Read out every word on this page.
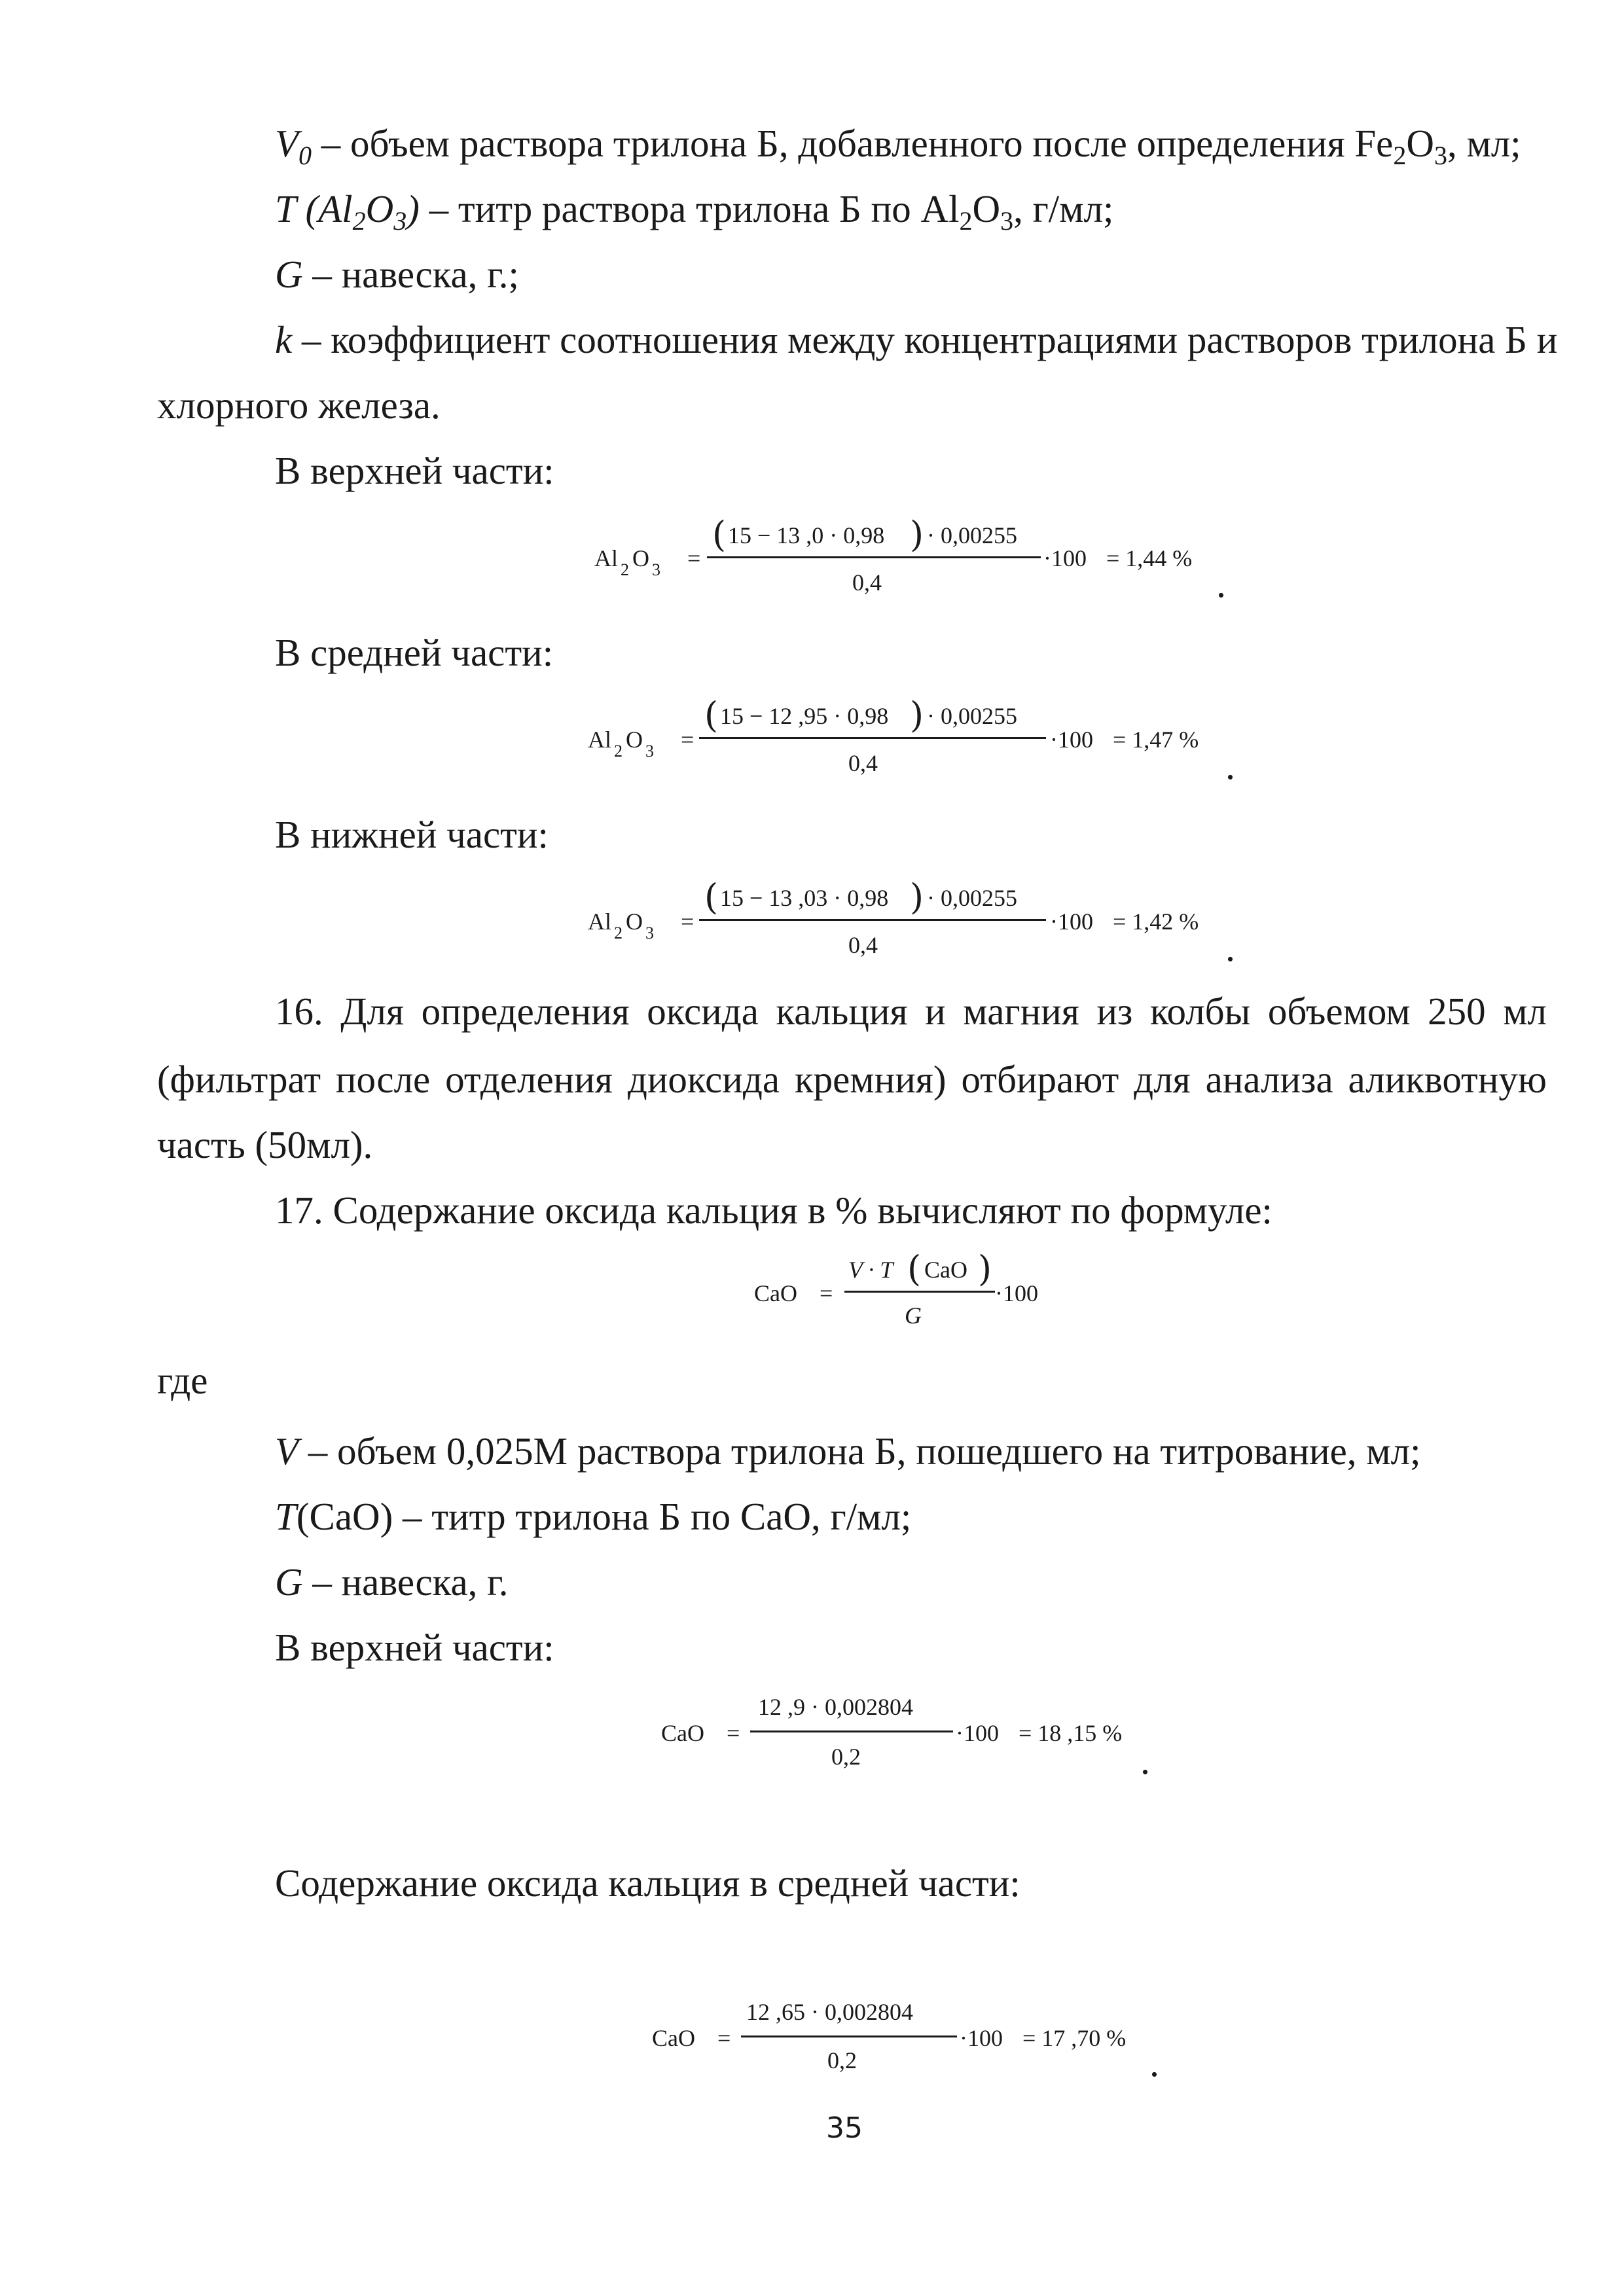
$V_0$ – объем раствора трилона Б, добавленного после определения $Fe_2O_3$, мл;
T $(Al_2O_3)$ – титр раствора трилона Б по $Al_2O_3$, г/мл;
G – навеска, г.;
k – коэффициент соотношения между концентрациями растворов трилона Б и
хлорного железа.
В верхней части:
Al $_2$ O $_3$ =
( 15 − 13 ,0 · 0,98 ) · 0,00255
0,4
·100 = 1,44 %
.
В средней части:
Al $_2$ O $_3$ =
( 15 − 12 ,95 · 0,98 ) · 0,00255
0,4
·100 = 1,47 %
.
В нижней части:
Al $_2$ O $_3$ =
( 15 − 13 ,03 · 0,98 ) · 0,00255
0,4
·100 = 1,42 %
.
16. Для определения оксида кальция и магния из колбы объемом 250 мл
(фильтрат после отделения диоксида кремния) отбирают для анализа аликвотную
часть (50мл).
17. Содержание оксида кальция в % вычисляют по формуле:
CaO =
V · T ( CaO )
G
·100
где
V – объем 0,025М раствора трилона Б, пошедшего на титрование, мл;
T(CaO) – титр трилона Б по CaO, г/мл;
G – навеска, г.
В верхней части:
CaO =
12 ,9 · 0,002804
0,2
·100 = 18 ,15 %
.
Содержание оксида кальция в средней части:
CaO =
12 ,65 · 0,002804
0,2
·100 = 17 ,70 %
.
35
